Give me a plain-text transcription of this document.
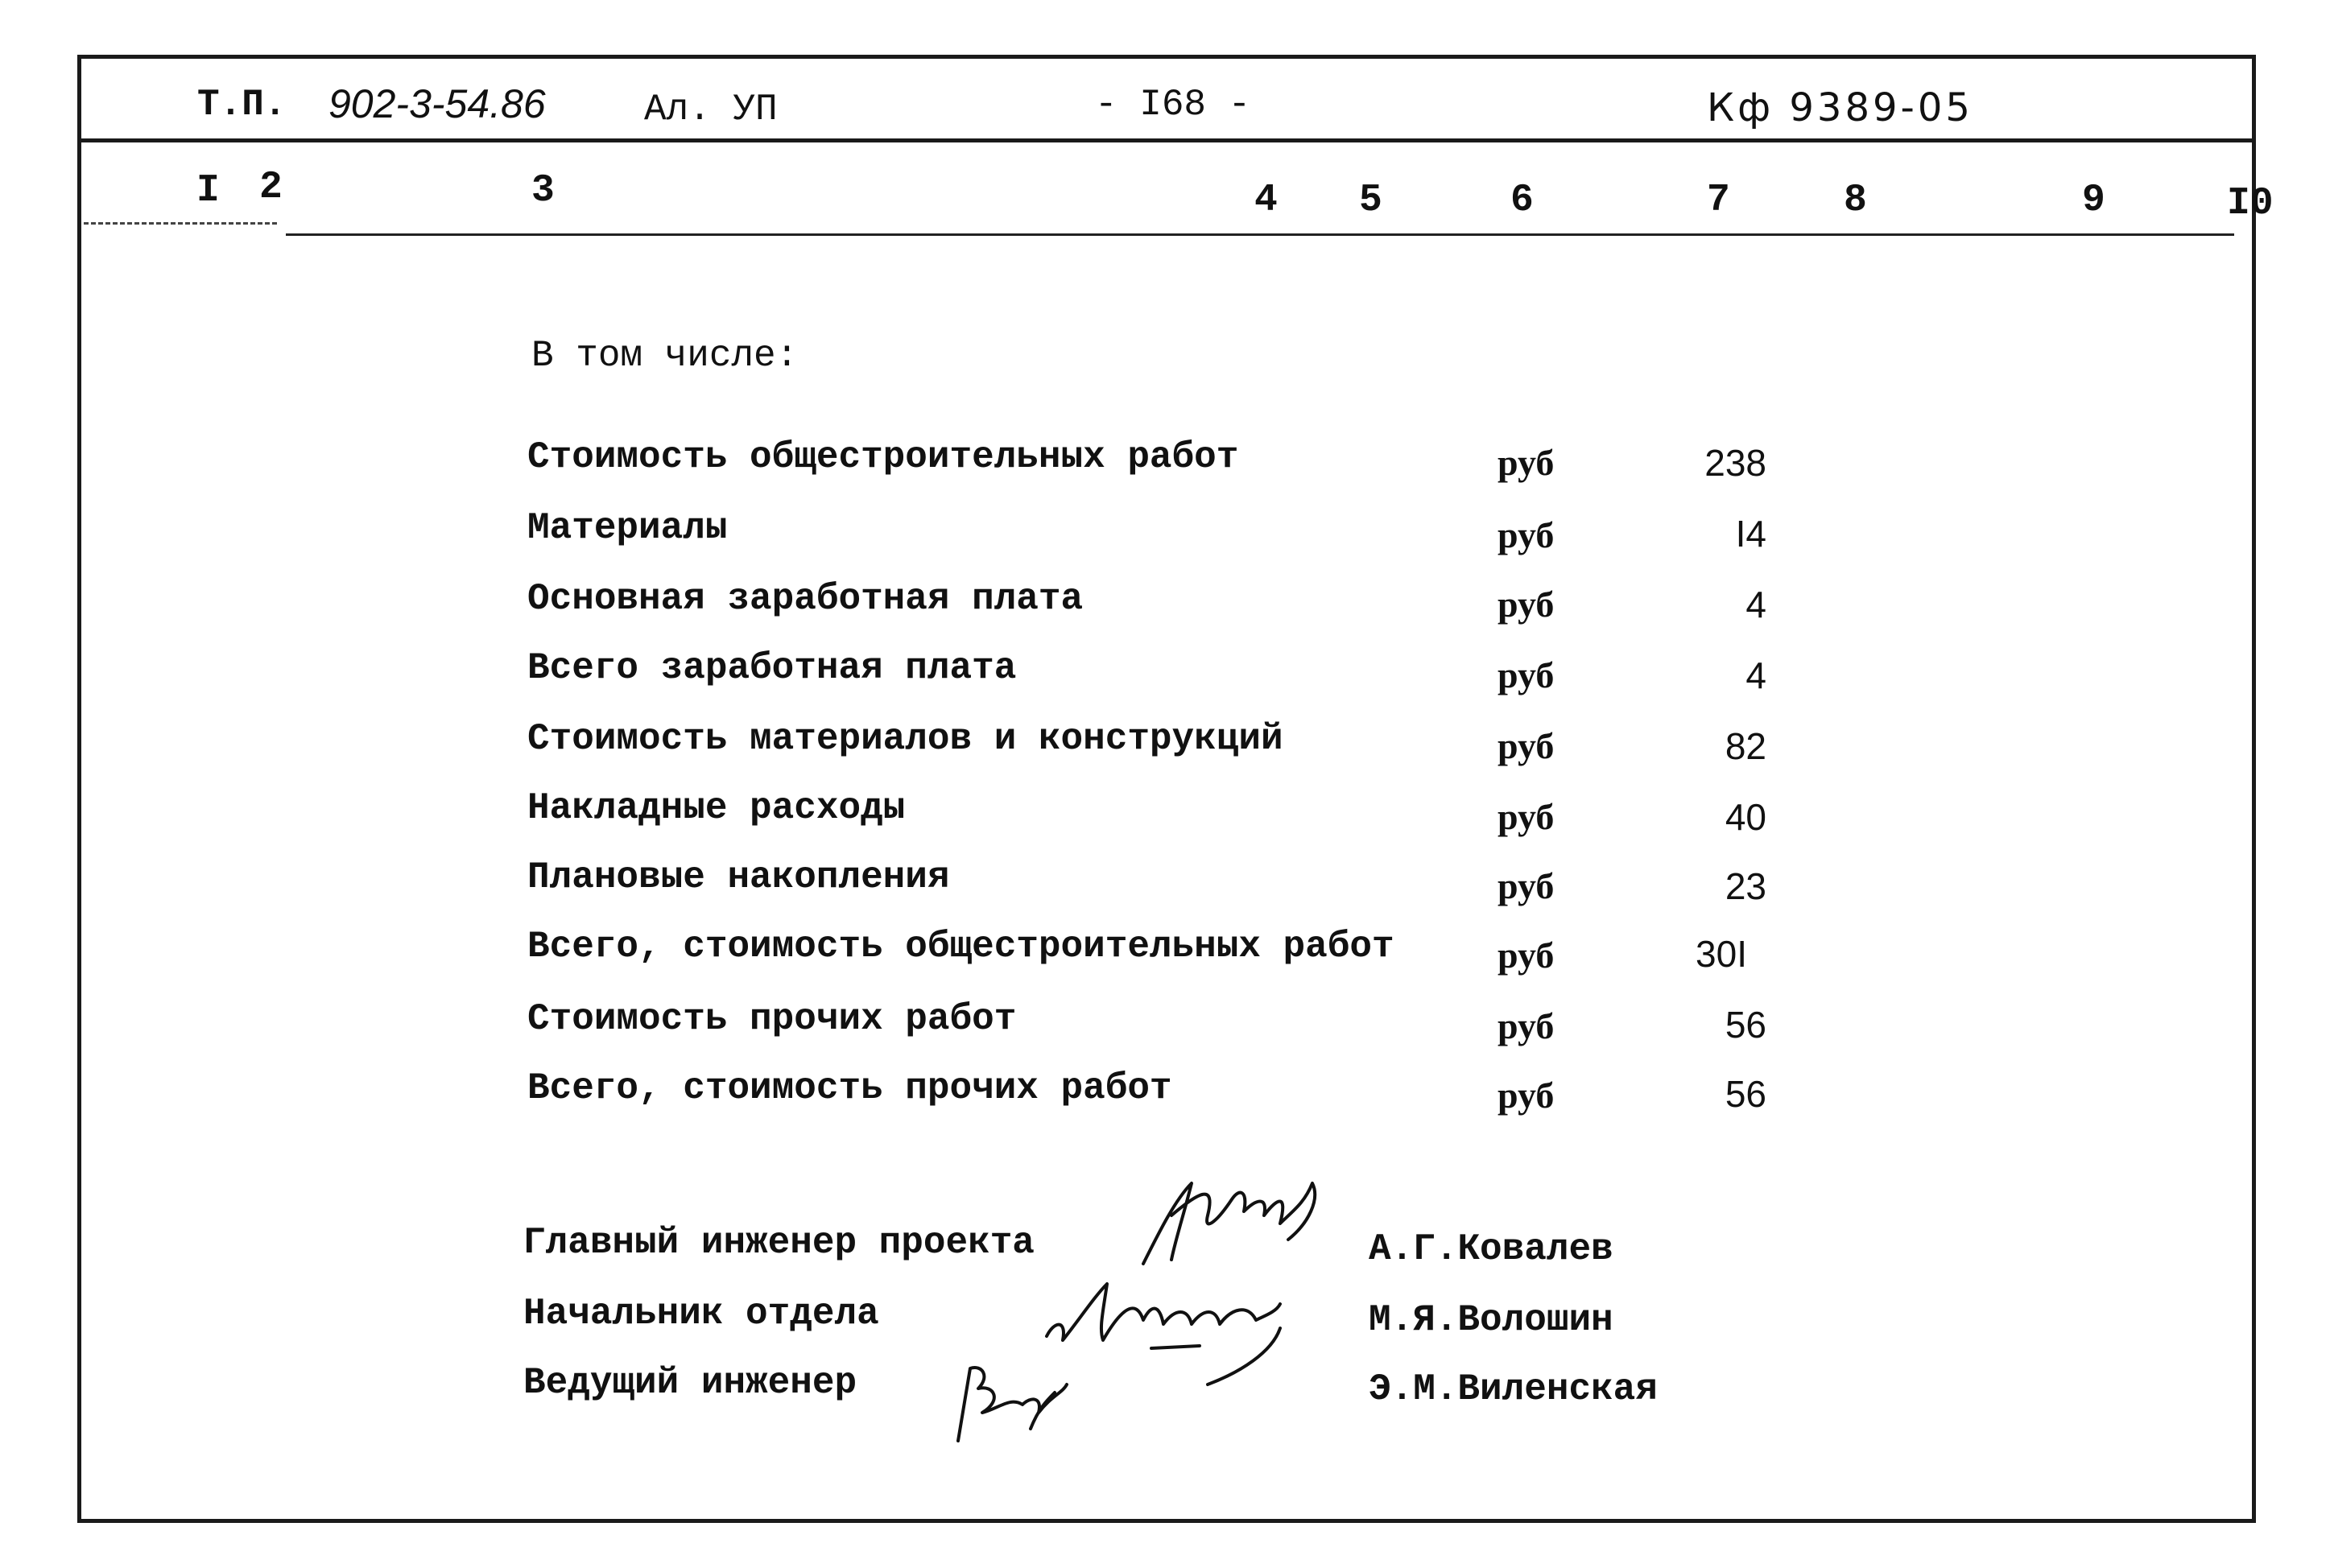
Т.П. 902-3-54.86	Ал. УП	- I68 -	Кф 9389-05
I 2	3	4 5	6	7	8	9	I0
В том числе:
Стоимость общестроительных работ	руб	238
Материалы	руб	I4
Основная заработная плата	руб	4
Всего заработная плата	руб	4
Стоимость материалов и конструкций	руб	82
Накладные расходы	руб	40
Плановые накопления	руб	23
Всего, стоимость общестроительных работ	руб	30I
Стоимость прочих работ	руб	56
Всего, стоимость прочих работ	руб	56
Главный инженер проекта	А.Г.Ковалев
Начальник отдела	М.Я.Волошин
Ведущий инженер	Э.М.Виленская
